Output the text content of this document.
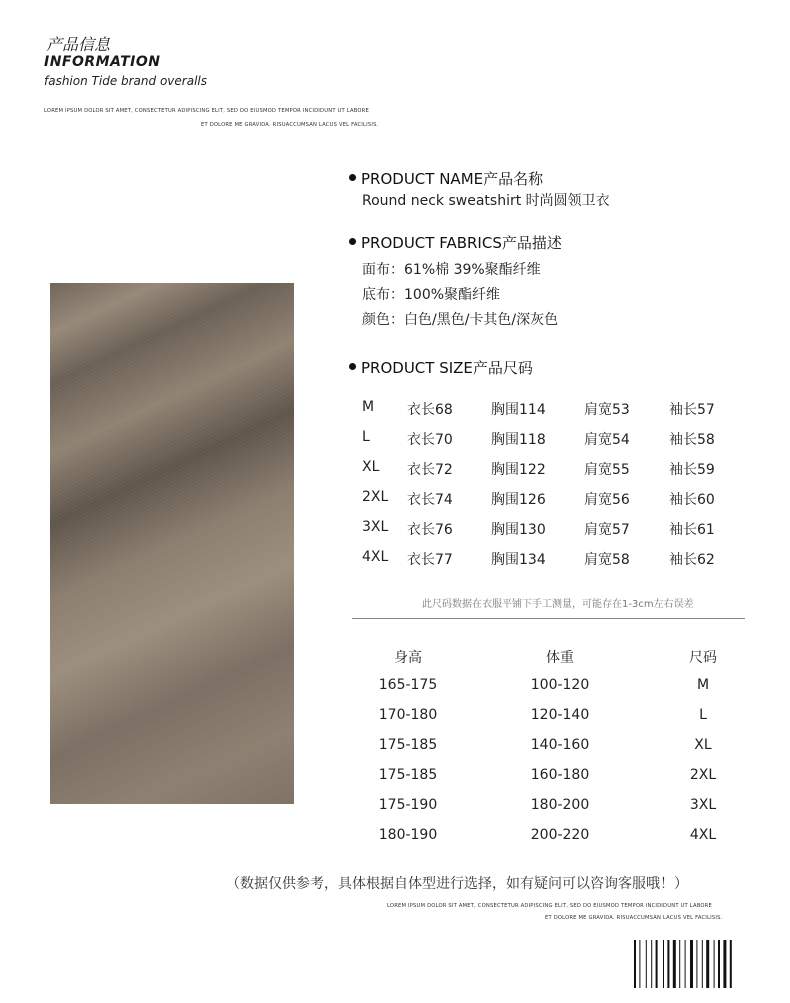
产品信息
INFORMATION
fashion Tide brand overalls
LOREM IPSUM DOLOR SIT AMET, CONSECTETUR ADIPISCING ELIT, SED DO EIUSMOD TEMPOR INCIDIDUNT UT LABORE
ET DOLORE ME GRAVIDA. RISUACCUMSAN LACUS VEL FACILISIS.
PRODUCT NAME产品名称
Round neck sweatshirt 时尚圆领卫衣
PRODUCT FABRICS产品描述
面布：61%棉 39%聚酯纤维
底布：100%聚酯纤维
颜色：白色/黑色/卡其色/深灰色
PRODUCT SIZE产品尺码
M 衣长68	胸围114	肩宽53	袖长57
L	衣长70	胸围118	肩宽54	袖长58
XL 衣长72	胸围122	肩宽55	袖长59
2XL 衣长74	胸围126	肩宽56	袖长60
3XL 衣长76	胸围130	肩宽57	袖长61
4XL 衣长77	胸围134	肩宽58	袖长62
此尺码数据在衣服平铺下手工测量，可能存在1-3cm左右误差
身高	体重	尺码
165-175	100-120	M
170-180	120-140	L
175-185	140-160	XL
175-185	160-180	2XL
175-190	180-200	3XL
180-190	200-220	4XL
（数据仅供参考，具体根据自体型进行选择，如有疑问可以咨询客服哦！）
LOREM IPSUM DOLOR SIT AMET, CONSECTETUR ADIPISCING ELIT, SED DO EIUSMOD TEMPOR INCIDIDUNT UT LABORE
ET DOLORE ME GRAVIDA. RISUACCUMSAN LACUS VEL FACILISIS.
